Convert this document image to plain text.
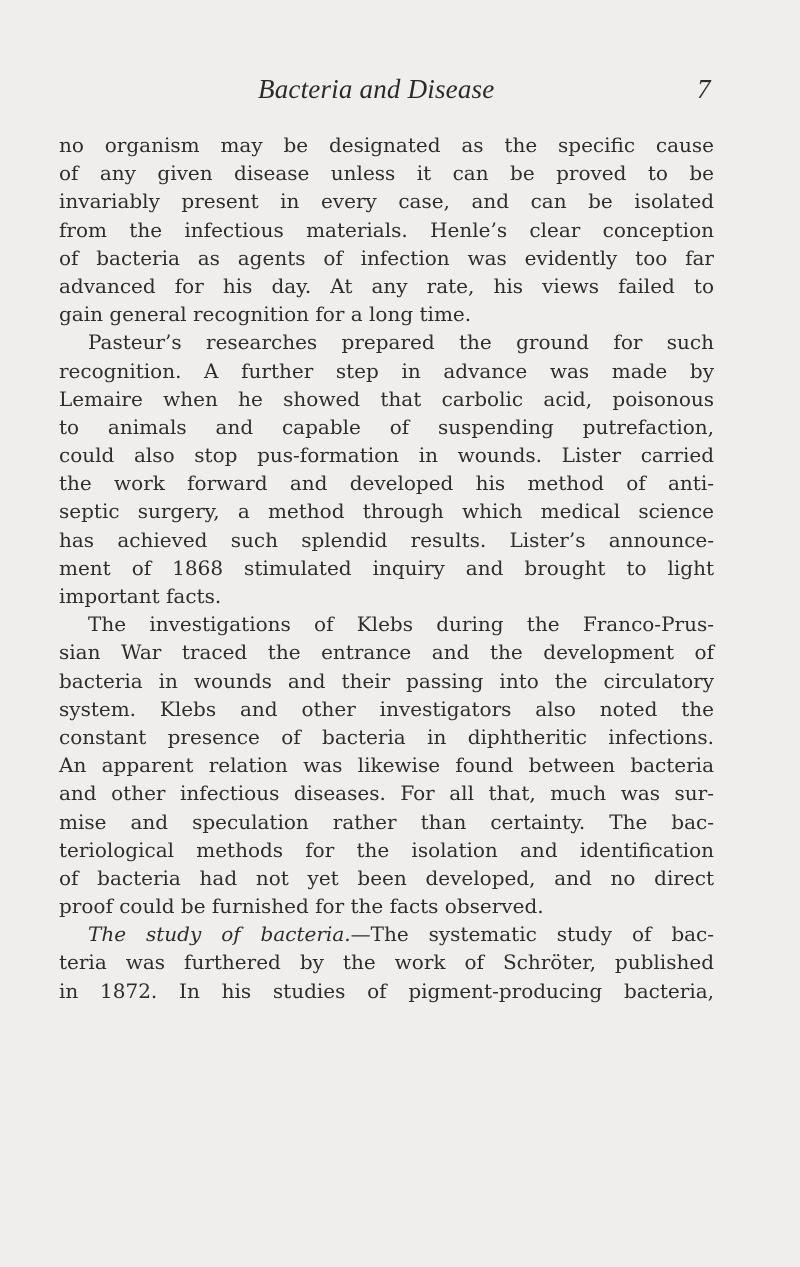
Bacteria and Disease	7
no organism may be designated as the specific cause
of any given disease unless it can be proved to be
invariably present in every case, and can be isolated
from the infectious materials. Henle’s clear conception
of bacteria as agents of infection was evidently too far
advanced for his day. At any rate, his views failed to
gain general recognition for a long time.
Pasteur’s researches prepared the ground for such
recognition. A further step in advance was made by
Lemaire when he showed that carbolic acid, poisonous
to animals and capable of suspending putrefaction,
could also stop pus-formation in wounds. Lister carried
the work forward and developed his method of anti-
septic surgery, a method through which medical science
has achieved such splendid results. Lister’s announce-
ment of 1868 stimulated inquiry and brought to light
important facts.
The investigations of Klebs during the Franco-Prus-
sian War traced the entrance and the development of
bacteria in wounds and their passing into the circulatory
system. Klebs and other investigators also noted the
constant presence of bacteria in diphtheritic infections.
An apparent relation was likewise found between bacteria
and other infectious diseases. For all that, much was sur-
mise and speculation rather than certainty. The bac-
teriological methods for the isolation and identification
of bacteria had not yet been developed, and no direct
proof could be furnished for the facts observed.
The study of bacteria.—The systematic study of bac-
teria was furthered by the work of Schröter, published
in 1872. In his studies of pigment-producing bacteria,
